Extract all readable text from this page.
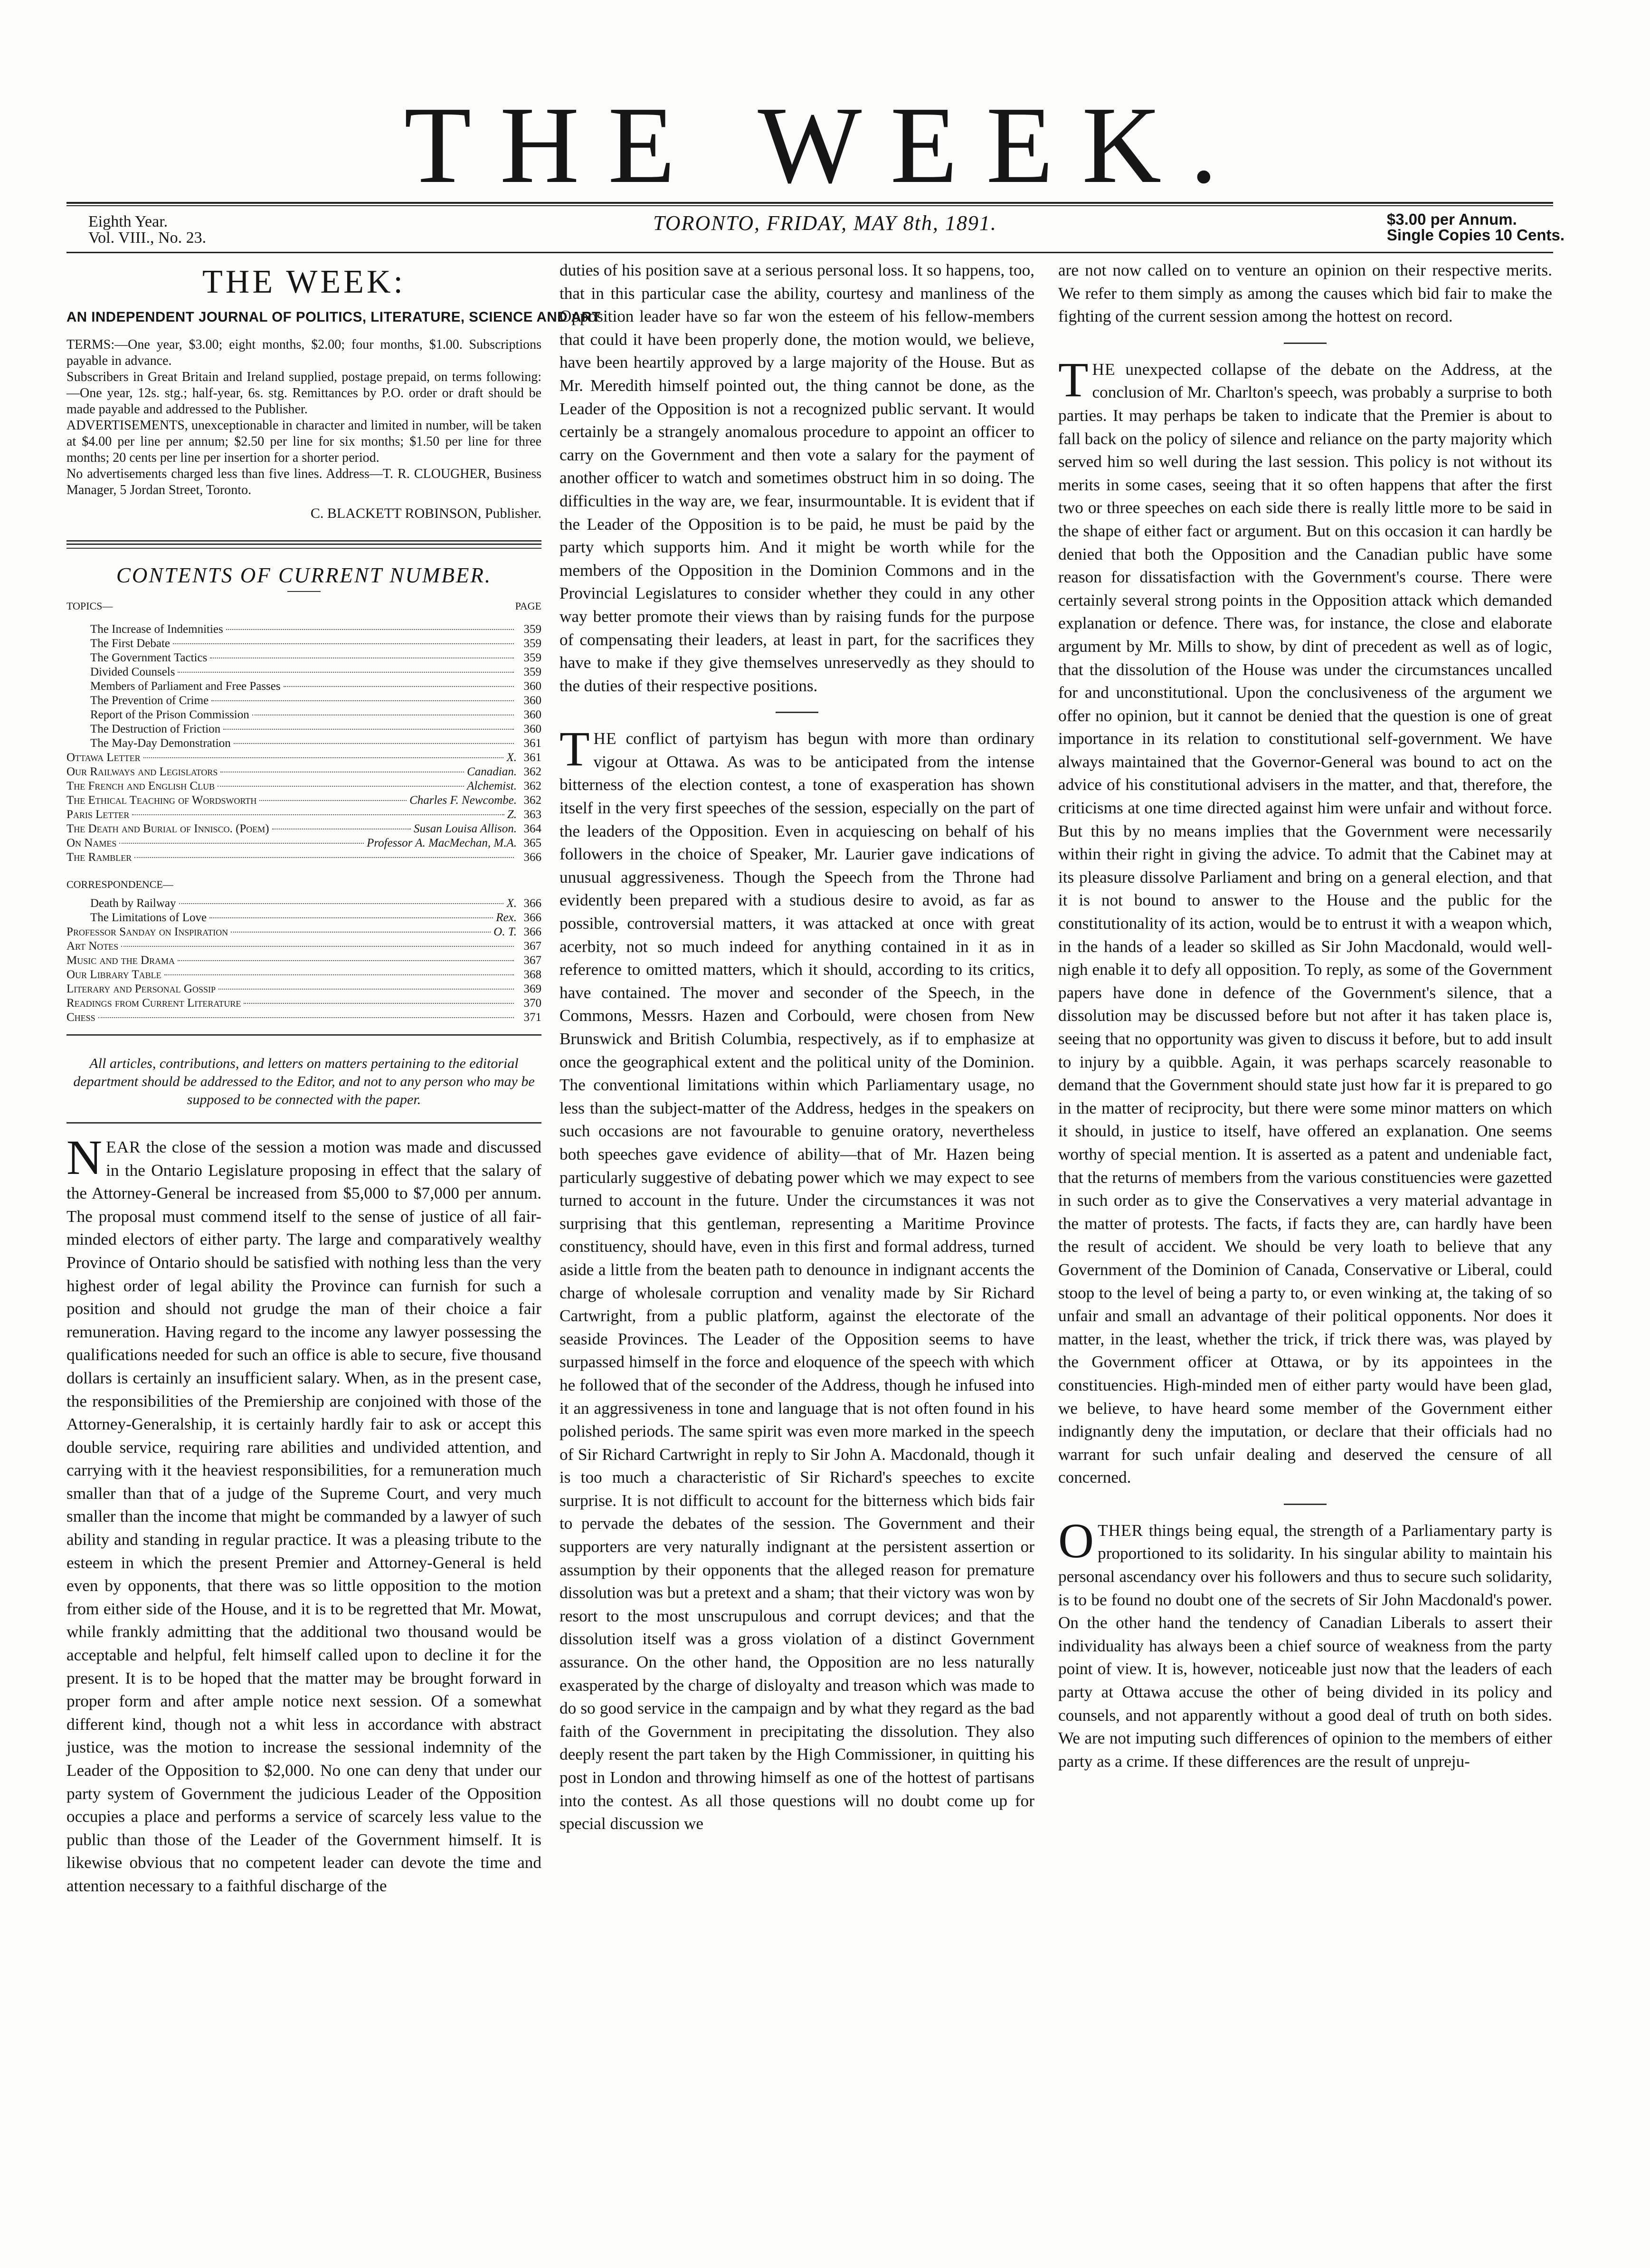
THE WEEK.
Eighth Year.
Vol. VIII., No. 23.
TORONTO, FRIDAY, MAY 8th, 1891.	$3.00 per Annum.
Single Copies 10 Cents.
THE WEEK:
AN INDEPENDENT JOURNAL OF POLITICS, LITERATURE, SCIENCE AND ART

TERMS:—One year, $3.00; eight months, $2.00; four months, $1.00. Subscriptions payable in advance.

Subscribers in Great Britain and Ireland supplied, postage prepaid, on terms following:—One year, 12s. stg.; half-year, 6s. stg. Remittances by P.O. order or draft should be made payable and addressed to the Publisher.

ADVERTISEMENTS, unexceptionable in character and limited in number, will be taken at $4.00 per line per annum; $2.50 per line for six months; $1.50 per line for three months; 20 cents per line per insertion for a shorter period.

No advertisements charged less than five lines. Address—T. R. CLOUGHER, Business Manager, 5 Jordan Street, Toronto.

C. BLACKETT ROBINSON, Publisher.
CONTENTS OF CURRENT NUMBER.
TOPICS—	PAGE
The Increase of Indemnities	359
The First Debate	359
The Government Tactics	359
Divided Counsels	359
Members of Parliament and Free Passes	360
The Prevention of Crime	360
Report of the Prison Commission	360
The Destruction of Friction	360
The May-Day Demonstration	361
Ottawa Letter	X. 361
Our Railways and Legislators	Canadian. 362
The French and English Club	Alchemist. 362
The Ethical Teaching of Wordsworth	Charles F. Newcombe. 362
Paris Letter	Z. 363
The Death and Burial of Innisco. (Poem)	Susan Louisa Allison. 364
On Names	Professor A. MacMechan, M.A. 365
The Rambler	366
CORRESPONDENCE—
Death by Railway	X. 366
The Limitations of Love	Rex. 366
Professor Sanday on Inspiration	O. T. 366
Art Notes	367
Music and the Drama	367
Our Library Table	368
Literary and Personal Gossip	369
Readings from Current Literature	370
Chess	371
All articles, contributions, and letters on matters pertaining to the editorial department should be addressed to the Editor, and not to any person who may be supposed to be connected with the paper.

NEAR the close of the session a motion was made and discussed in the Ontario Legislature proposing in effect that the salary of the Attorney-General be increased from $5,000 to $7,000 per annum. The proposal must commend itself to the sense of justice of all fair-minded electors of either party. The large and comparatively wealthy Province of Ontario should be satisfied with nothing less than the very highest order of legal ability the Province can furnish for such a position and should not grudge the man of their choice a fair remuneration. Having regard to the income any lawyer possessing the qualifications needed for such an office is able to secure, five thousand dollars is certainly an insufficient salary. When, as in the present case, the responsibilities of the Premiership are conjoined with those of the Attorney-Generalship, it is certainly hardly fair to ask or accept this double service, requiring rare abilities and undivided attention, and carrying with it the heaviest responsibilities, for a remuneration much smaller than that of a judge of the Supreme Court, and very much smaller than the income that might be commanded by a lawyer of such ability and standing in regular practice. It was a pleasing tribute to the esteem in which the present Premier and Attorney-General is held even by opponents, that there was so little opposition to the motion from either side of the House, and it is to be regretted that Mr. Mowat, while frankly admitting that the additional two thousand would be acceptable and helpful, felt himself called upon to decline it for the present. It is to be hoped that the matter may be brought forward in proper form and after ample notice next session. Of a somewhat different kind, though not a whit less in accordance with abstract justice, was the motion to increase the sessional indemnity of the Leader of the Opposition to $2,000. No one can deny that under our party system of Government the judicious Leader of the Opposition occupies a place and performs a service of scarcely less value to the public than those of the Leader of the Government himself. It is likewise obvious that no competent leader can devote the time and attention necessary to a faithful discharge of the

duties of his position save at a serious personal loss. It so happens, too, that in this particular case the ability, courtesy and manliness of the Opposition leader have so far won the esteem of his fellow-members that could it have been properly done, the motion would, we believe, have been heartily approved by a large majority of the House. But as Mr. Meredith himself pointed out, the thing cannot be done, as the Leader of the Opposition is not a recognized public servant. It would certainly be a strangely anomalous procedure to appoint an officer to carry on the Government and then vote a salary for the payment of another officer to watch and sometimes obstruct him in so doing. The difficulties in the way are, we fear, insurmountable. It is evident that if the Leader of the Opposition is to be paid, he must be paid by the party which supports him. And it might be worth while for the members of the Opposition in the Dominion Commons and in the Provincial Legislatures to consider whether they could in any other way better promote their views than by raising funds for the purpose of compensating their leaders, at least in part, for the sacrifices they have to make if they give themselves unreservedly as they should to the duties of their respective positions.

THE conflict of partyism has begun with more than ordinary vigour at Ottawa. As was to be anticipated from the intense bitterness of the election contest, a tone of exasperation has shown itself in the very first speeches of the session, especially on the part of the leaders of the Opposition. Even in acquiescing on behalf of his followers in the choice of Speaker, Mr. Laurier gave indications of unusual aggressiveness. Though the Speech from the Throne had evidently been prepared with a studious desire to avoid, as far as possible, controversial matters, it was attacked at once with great acerbity, not so much indeed for anything contained in it as in reference to omitted matters, which it should, according to its critics, have contained. The mover and seconder of the Speech, in the Commons, Messrs. Hazen and Corbould, were chosen from New Brunswick and British Columbia, respectively, as if to emphasize at once the geographical extent and the political unity of the Dominion. The conventional limitations within which Parliamentary usage, no less than the subject-matter of the Address, hedges in the speakers on such occasions are not favourable to genuine oratory, nevertheless both speeches gave evidence of ability—that of Mr. Hazen being particularly suggestive of debating power which we may expect to see turned to account in the future. Under the circumstances it was not surprising that this gentleman, representing a Maritime Province constituency, should have, even in this first and formal address, turned aside a little from the beaten path to denounce in indignant accents the charge of wholesale corruption and venality made by Sir Richard Cartwright, from a public platform, against the electorate of the seaside Provinces. The Leader of the Opposition seems to have surpassed himself in the force and eloquence of the speech with which he followed that of the seconder of the Address, though he infused into it an aggressiveness in tone and language that is not often found in his polished periods. The same spirit was even more marked in the speech of Sir Richard Cartwright in reply to Sir John A. Macdonald, though it is too much a characteristic of Sir Richard's speeches to excite surprise. It is not difficult to account for the bitterness which bids fair to pervade the debates of the session. The Government and their supporters are very naturally indignant at the persistent assertion or assumption by their opponents that the alleged reason for premature dissolution was but a pretext and a sham; that their victory was won by resort to the most unscrupulous and corrupt devices; and that the dissolution itself was a gross violation of a distinct Government assurance. On the other hand, the Opposition are no less naturally exasperated by the charge of disloyalty and treason which was made to do so good service in the campaign and by what they regard as the bad faith of the Government in precipitating the dissolution. They also deeply resent the part taken by the High Commissioner, in quitting his post in London and throwing himself as one of the hottest of partisans into the contest. As all those questions will no doubt come up for special discussion we

are not now called on to venture an opinion on their respective merits. We refer to them simply as among the causes which bid fair to make the fighting of the current session among the hottest on record.

THE unexpected collapse of the debate on the Address, at the conclusion of Mr. Charlton's speech, was probably a surprise to both parties. It may perhaps be taken to indicate that the Premier is about to fall back on the policy of silence and reliance on the party majority which served him so well during the last session. This policy is not without its merits in some cases, seeing that it so often happens that after the first two or three speeches on each side there is really little more to be said in the shape of either fact or argument. But on this occasion it can hardly be denied that both the Opposition and the Canadian public have some reason for dissatisfaction with the Government's course. There were certainly several strong points in the Opposition attack which demanded explanation or defence. There was, for instance, the close and elaborate argument by Mr. Mills to show, by dint of precedent as well as of logic, that the dissolution of the House was under the circumstances uncalled for and unconstitutional. Upon the conclusiveness of the argument we offer no opinion, but it cannot be denied that the question is one of great importance in its relation to constitutional self-government. We have always maintained that the Governor-General was bound to act on the advice of his constitutional advisers in the matter, and that, therefore, the criticisms at one time directed against him were unfair and without force. But this by no means implies that the Government were necessarily within their right in giving the advice. To admit that the Cabinet may at its pleasure dissolve Parliament and bring on a general election, and that it is not bound to answer to the House and the public for the constitutionality of its action, would be to entrust it with a weapon which, in the hands of a leader so skilled as Sir John Macdonald, would well-nigh enable it to defy all opposition. To reply, as some of the Government papers have done in defence of the Government's silence, that a dissolution may be discussed before but not after it has taken place is, seeing that no opportunity was given to discuss it before, but to add insult to injury by a quibble. Again, it was perhaps scarcely reasonable to demand that the Government should state just how far it is prepared to go in the matter of reciprocity, but there were some minor matters on which it should, in justice to itself, have offered an explanation. One seems worthy of special mention. It is asserted as a patent and undeniable fact, that the returns of members from the various constituencies were gazetted in such order as to give the Conservatives a very material advantage in the matter of protests. The facts, if facts they are, can hardly have been the result of accident. We should be very loath to believe that any Government of the Dominion of Canada, Conservative or Liberal, could stoop to the level of being a party to, or even winking at, the taking of so unfair and small an advantage of their political opponents. Nor does it matter, in the least, whether the trick, if trick there was, was played by the Government officer at Ottawa, or by its appointees in the constituencies. High-minded men of either party would have been glad, we believe, to have heard some member of the Government either indignantly deny the imputation, or declare that their officials had no warrant for such unfair dealing and deserved the censure of all concerned.

OTHER things being equal, the strength of a Parliamentary party is proportioned to its solidarity. In his singular ability to maintain his personal ascendancy over his followers and thus to secure such solidarity, is to be found no doubt one of the secrets of Sir John Macdonald's power. On the other hand the tendency of Canadian Liberals to assert their individuality has always been a chief source of weakness from the party point of view. It is, however, noticeable just now that the leaders of each party at Ottawa accuse the other of being divided in its policy and counsels, and not apparently without a good deal of truth on both sides. We are not imputing such differences of opinion to the members of either party as a crime. If these differences are the result of unpreju-
